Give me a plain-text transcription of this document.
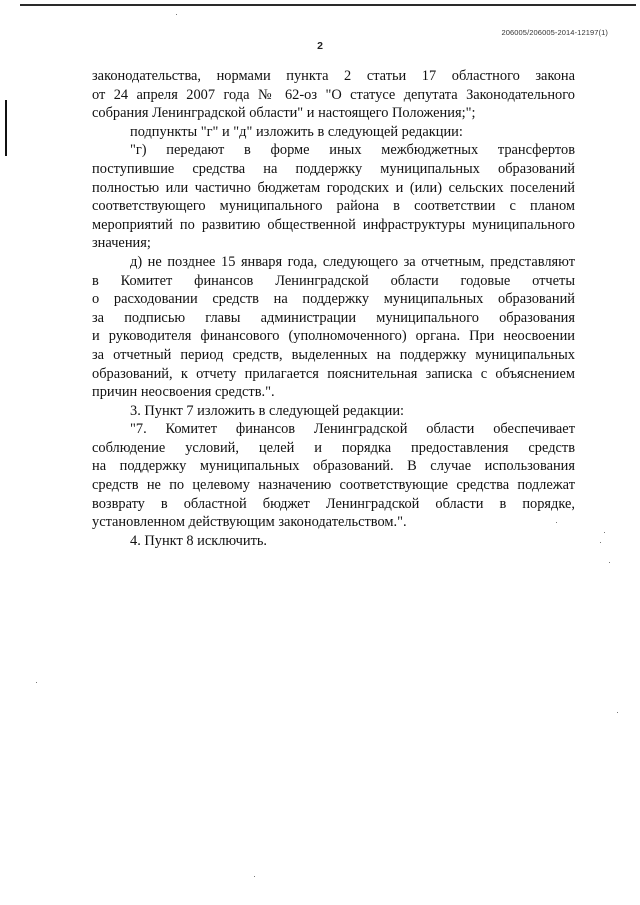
206005/206005-2014-12197(1)
2
законодательства, нормами пункта 2 статьи 17 областного закона
от 24 апреля 2007 года № 62-оз "О статусе депутата Законодательного
собрания Ленинградской области" и настоящего Положения;";
подпункты "г" и "д" изложить в следующей редакции:
"г) передают в форме иных межбюджетных трансфертов
поступившие средства на поддержку муниципальных образований
полностью или частично бюджетам городских и (или) сельских поселений
соответствующего муниципального района в соответствии с планом
мероприятий по развитию общественной инфраструктуры муниципального
значения;
д) не позднее 15 января года, следующего за отчетным, представляют
в Комитет финансов Ленинградской области годовые отчеты
о расходовании средств на поддержку муниципальных образований
за подписью главы администрации муниципального образования
и руководителя финансового (уполномоченного) органа. При неосвоении
за отчетный период средств, выделенных на поддержку муниципальных
образований, к отчету прилагается пояснительная записка с объяснением
причин неосвоения средств.".
3. Пункт 7 изложить в следующей редакции:
"7. Комитет финансов Ленинградской области обеспечивает
соблюдение условий, целей и порядка предоставления средств
на поддержку муниципальных образований. В случае использования
средств не по целевому назначению соответствующие средства подлежат
возврату в областной бюджет Ленинградской области в порядке,
установленном действующим законодательством.".
4. Пункт 8 исключить.
